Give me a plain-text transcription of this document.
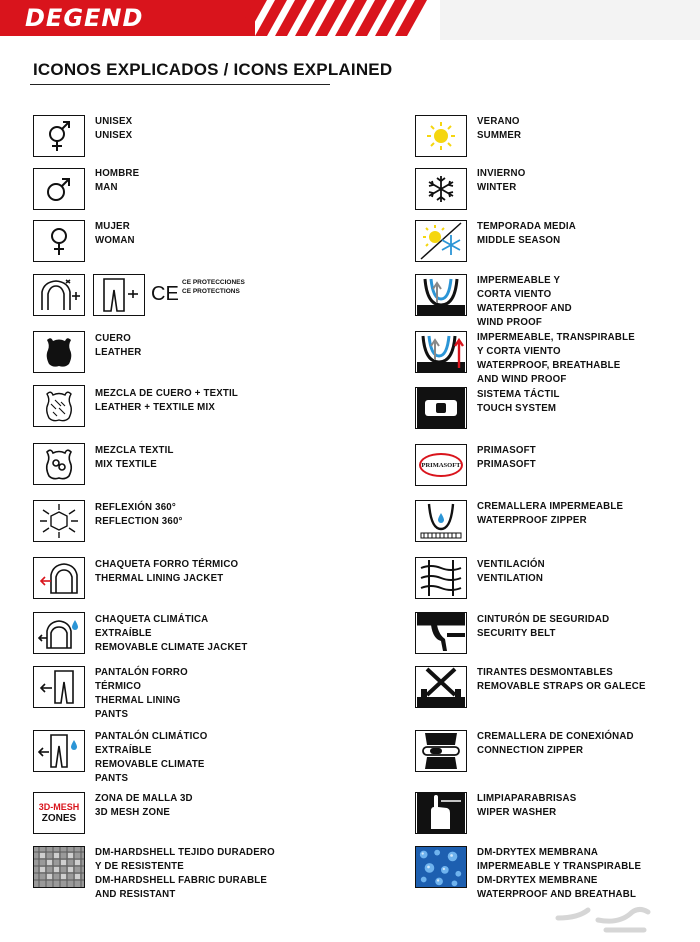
DEGEND
ICONOS EXPLICADOS / ICONS EXPLAINED
UNISEX
UNISEX
HOMBRE
MAN
MUJER
WOMAN
CE
CE PROTECCIONES
CE PROTECTIONS
CUERO
LEATHER
MEZCLA DE CUERO + TEXTIL
LEATHER + TEXTILE MIX
MEZCLA TEXTIL
MIX TEXTILE
REFLEXIÓN 360°
REFLECTION 360°
CHAQUETA FORRO TÉRMICO
THERMAL LINING JACKET
CHAQUETA CLIMÁTICA
EXTRAÍBLE
REMOVABLE CLIMATE JACKET
PANTALÓN FORRO
TÉRMICO
THERMAL LINING
PANTS
PANTALÓN CLIMÁTICO
EXTRAÍBLE
REMOVABLE CLIMATE
PANTS
3D-MESH
ZONES
ZONA DE MALLA 3D
3D MESH ZONE
DM-HARDSHELL TEJIDO DURADERO
Y DE RESISTENTE
DM-HARDSHELL FABRIC DURABLE
AND RESISTANT
VERANO
SUMMER
INVIERNO
WINTER
TEMPORADA MEDIA
MIDDLE SEASON
IMPERMEABLE Y
CORTA VIENTO
WATERPROOF AND
WIND PROOF
IMPERMEABLE, TRANSPIRABLE
Y CORTA VIENTO
WATERPROOF, BREATHABLE
AND WIND PROOF
SISTEMA TÁCTIL
TOUCH SYSTEM
PRIMASOFT
PRIMASOFT
PRIMASOFT
CREMALLERA IMPERMEABLE
WATERPROOF ZIPPER
VENTILACIÓN
VENTILATION
CINTURÓN DE SEGURIDAD
SECURITY BELT
TIRANTES DESMONTABLES
REMOVABLE STRAPS OR GALECE
CREMALLERA DE CONEXIÓNAD
CONNECTION ZIPPER
LIMPIAPARABRISAS
WIPER WASHER
DM-DRYTEX MEMBRANA
IMPERMEABLE Y TRANSPIRABLE
DM-DRYTEX MEMBRANE
WATERPROOF AND BREATHABL
